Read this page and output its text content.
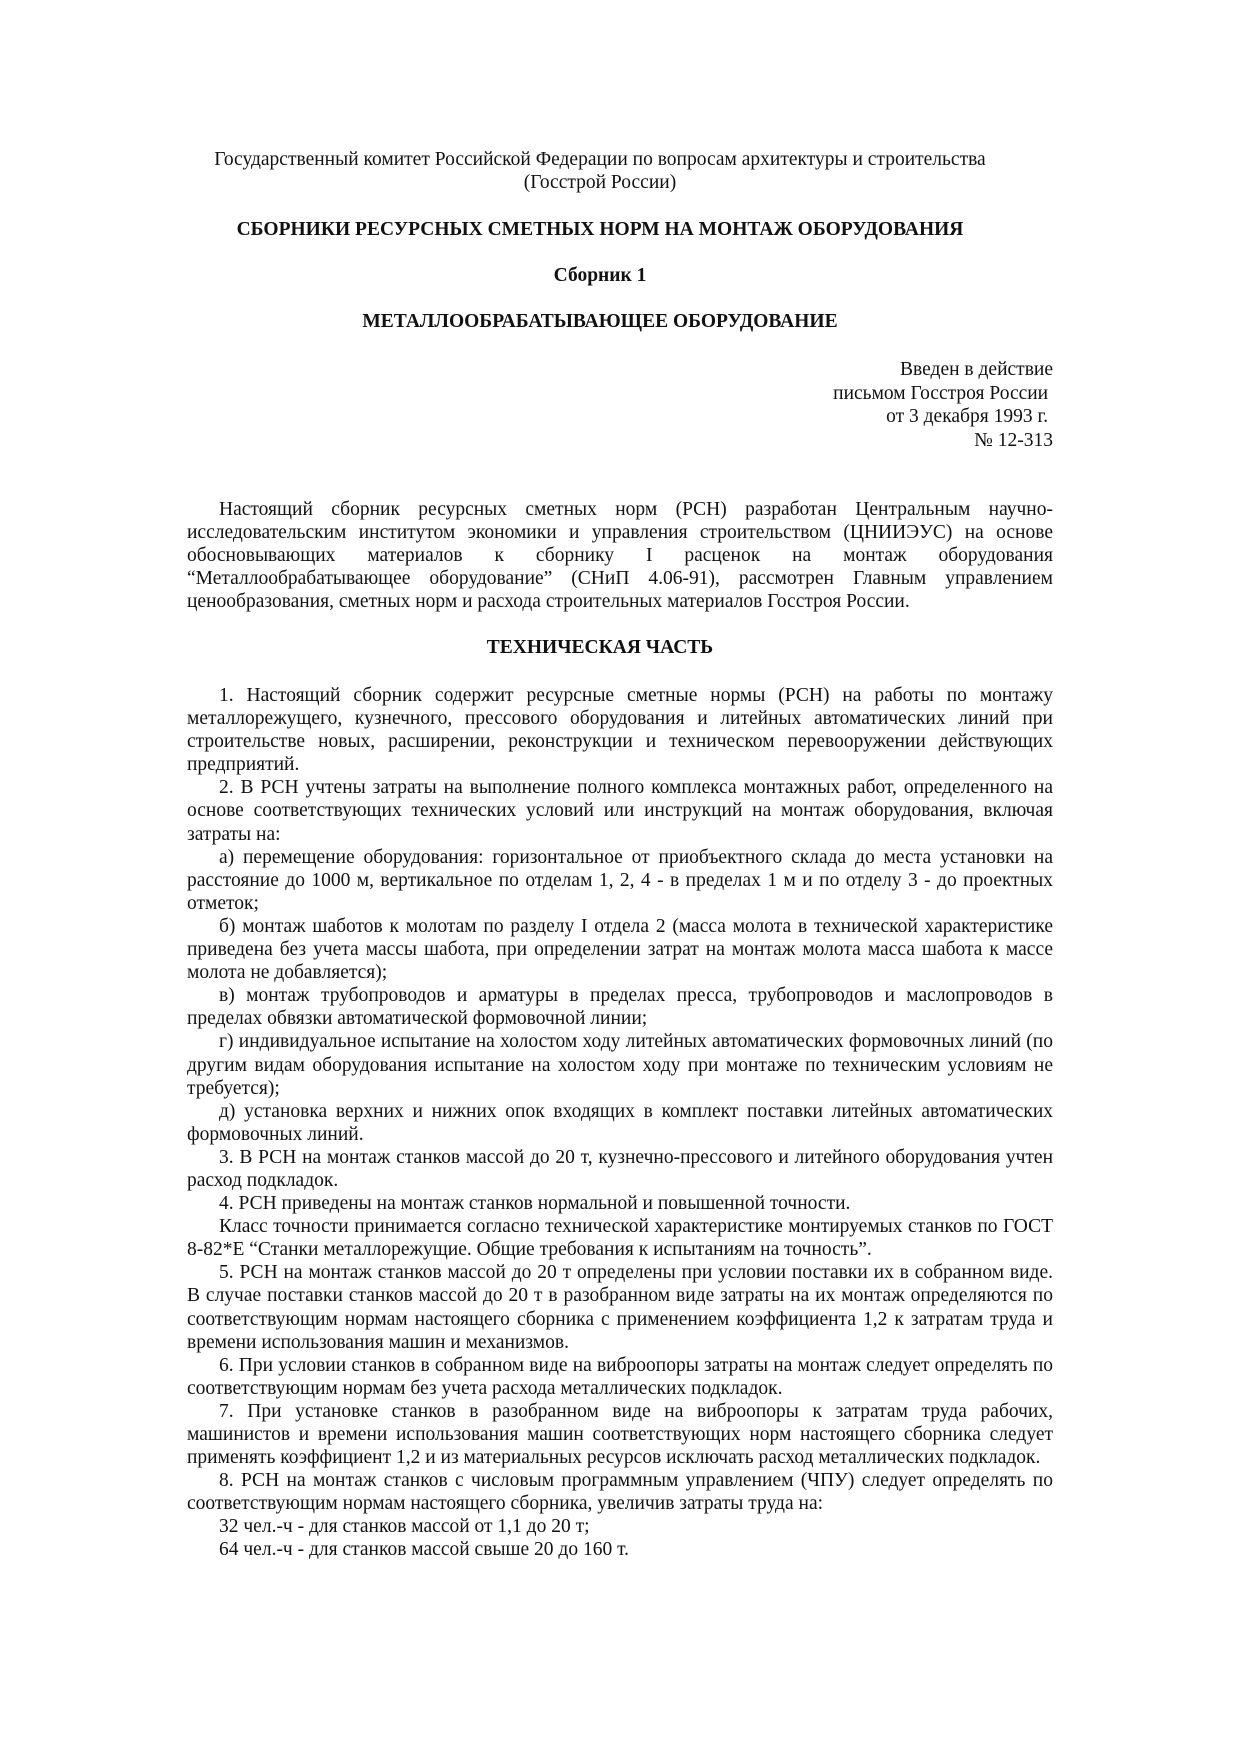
Государственный комитет Российской Федерации по вопросам архитектуры и строительства
(Госстрой России)
СБОРНИКИ РЕСУРСНЫХ СМЕТНЫХ НОРМ НА МОНТАЖ ОБОРУДОВАНИЯ
Сборник 1
МЕТАЛЛООБРАБАТЫВАЮЩЕЕ ОБОРУДОВАНИЕ
Введен в действие
письмом Госстроя России
от 3 декабря 1993 г.
№ 12-313

Настоящий сборник ресурсных сметных норм (РСН) разработан Центральным научно-исследовательским институтом экономики и управления строительством (ЦНИИЭУС) на основе обосновывающих материалов к сборнику I расценок на монтаж оборудования “Металлообрабатывающее оборудование” (СНиП 4.06-91), рассмотрен Главным управлением ценообразования, сметных норм и расхода строительных материалов Госстроя России.

ТЕХНИЧЕСКАЯ ЧАСТЬ

1. Настоящий сборник содержит ресурсные сметные нормы (РСН) на работы по монтажу металлорежущего, кузнечного, прессового оборудования и литейных автоматических линий при строительстве новых, расширении, реконструкции и техническом перевооружении действующих предприятий.

2. В РСН учтены затраты на выполнение полного комплекса монтажных работ, определенного на основе соответствующих технических условий или инструкций на монтаж оборудования, включая затраты на:

а) перемещение оборудования: горизонтальное от приобъектного склада до места установки на расстояние до 1000 м, вертикальное по отделам 1, 2, 4 - в пределах 1 м и по отделу 3 - до проектных отметок;

б) монтаж шаботов к молотам по разделу I отдела 2 (масса молота в технической характеристике приведена без учета массы шабота, при определении затрат на монтаж молота масса шабота к массе молота не добавляется);

в) монтаж трубопроводов и арматуры в пределах пресса, трубопроводов и маслопроводов в пределах обвязки автоматической формовочной линии;

г) индивидуальное испытание на холостом ходу литейных автоматических формовочных линий (по другим видам оборудования испытание на холостом ходу при монтаже по техническим условиям не требуется);

д) установка верхних и нижних опок входящих в комплект поставки литейных автоматических формовочных линий.

3. В РСН на монтаж станков массой до 20 т, кузнечно-прессового и литейного оборудования учтен расход подкладок.

4. РСН приведены на монтаж станков нормальной и повышенной точности.

Класс точности принимается согласно технической характеристике монтируемых станков по ГОСТ 8-82*Е “Станки металлорежущие. Общие требования к испытаниям на точность”.

5. РСН на монтаж станков массой до 20 т определены при условии поставки их в собранном виде. В случае поставки станков массой до 20 т в разобранном виде затраты на их монтаж определяются по соответствующим нормам настоящего сборника с применением коэффициента 1,2 к затратам труда и времени использования машин и механизмов.

6. При условии станков в собранном виде на виброопоры затраты на монтаж следует определять по соответствующим нормам без учета расхода металлических подкладок.

7. При установке станков в разобранном виде на виброопоры к затратам труда рабочих, машинистов и времени использования машин соответствующих норм настоящего сборника следует применять коэффициент 1,2 и из материальных ресурсов исключать расход металлических подкладок.

8. РСН на монтаж станков с числовым программным управлением (ЧПУ) следует определять по соответствующим нормам настоящего сборника, увеличив затраты труда на:

32 чел.-ч - для станков массой от 1,1 до 20 т;

64 чел.-ч - для станков массой свыше 20 до 160 т.
